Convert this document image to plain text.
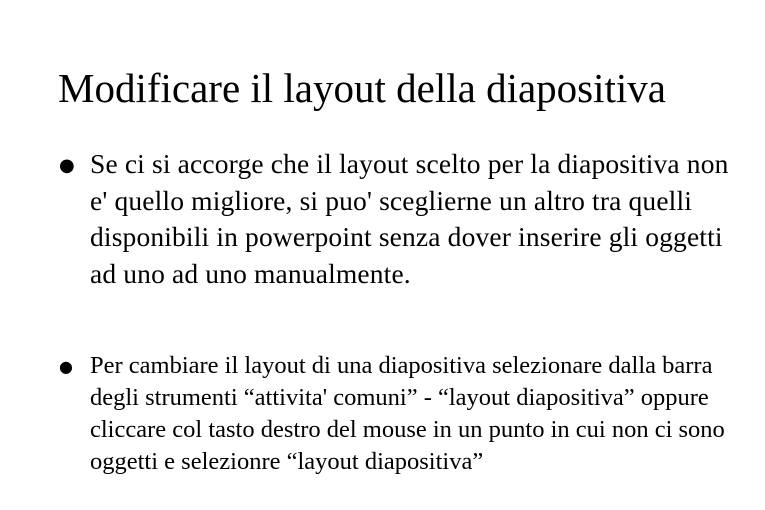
Modificare il layout della diapositiva
● Se ci si accorge che il layout scelto per la diapositiva non e' quello migliore, si puo' sceglierne un altro tra quelli disponibili in powerpoint senza dover inserire gli oggetti ad uno ad uno manualmente.
● Per cambiare il layout di una diapositiva selezionare dalla barra degli strumenti “attivita' comuni” - “layout diapositiva” oppure cliccare col tasto destro del mouse in un punto in cui non ci sono oggetti e selezionre “layout diapositiva”
